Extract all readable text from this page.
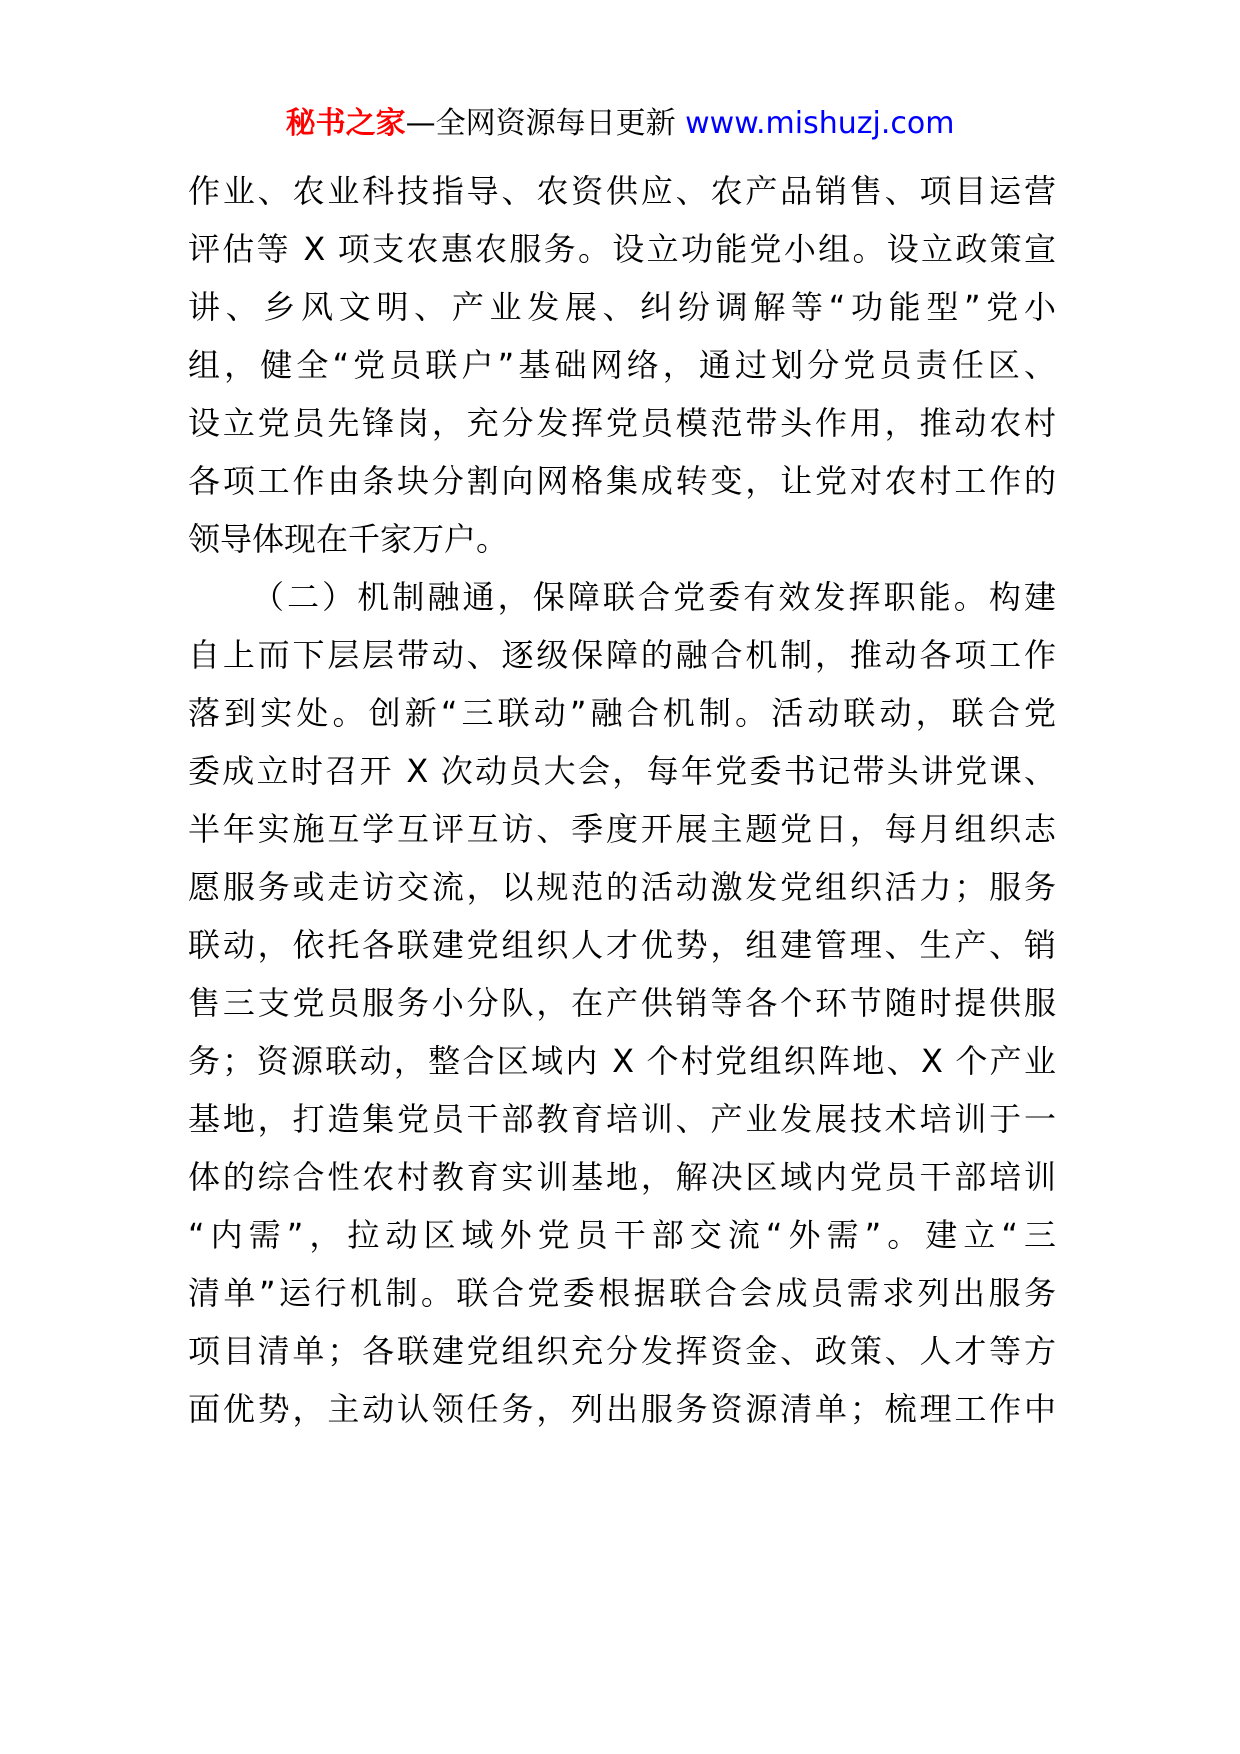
秘书之家—全网资源每日更新 www.mishuzj.com
作业、农业科技指导、农资供应、农产品销售、项目运营
评估等 X 项支农惠农服务。设立功能党小组。设立政策宣
讲、乡风文明、产业发展、纠纷调解等“功能型”党小
组，健全“党员联户”基础网络，通过划分党员责任区、
设立党员先锋岗，充分发挥党员模范带头作用，推动农村
各项工作由条块分割向网格集成转变，让党对农村工作的
领导体现在千家万户。
（二）机制融通，保障联合党委有效发挥职能。构建
自上而下层层带动、逐级保障的融合机制，推动各项工作
落到实处。创新“三联动”融合机制。活动联动，联合党
委成立时召开 X 次动员大会，每年党委书记带头讲党课、
半年实施互学互评互访、季度开展主题党日，每月组织志
愿服务或走访交流，以规范的活动激发党组织活力；服务
联动，依托各联建党组织人才优势，组建管理、生产、销
售三支党员服务小分队，在产供销等各个环节随时提供服
务；资源联动，整合区域内 X 个村党组织阵地、X 个产业
基地，打造集党员干部教育培训、产业发展技术培训于一
体的综合性农村教育实训基地，解决区域内党员干部培训
“内需”，拉动区域外党员干部交流“外需”。建立“三
清单”运行机制。联合党委根据联合会成员需求列出服务
项目清单；各联建党组织充分发挥资金、政策、人才等方
面优势，主动认领任务，列出服务资源清单；梳理工作中
